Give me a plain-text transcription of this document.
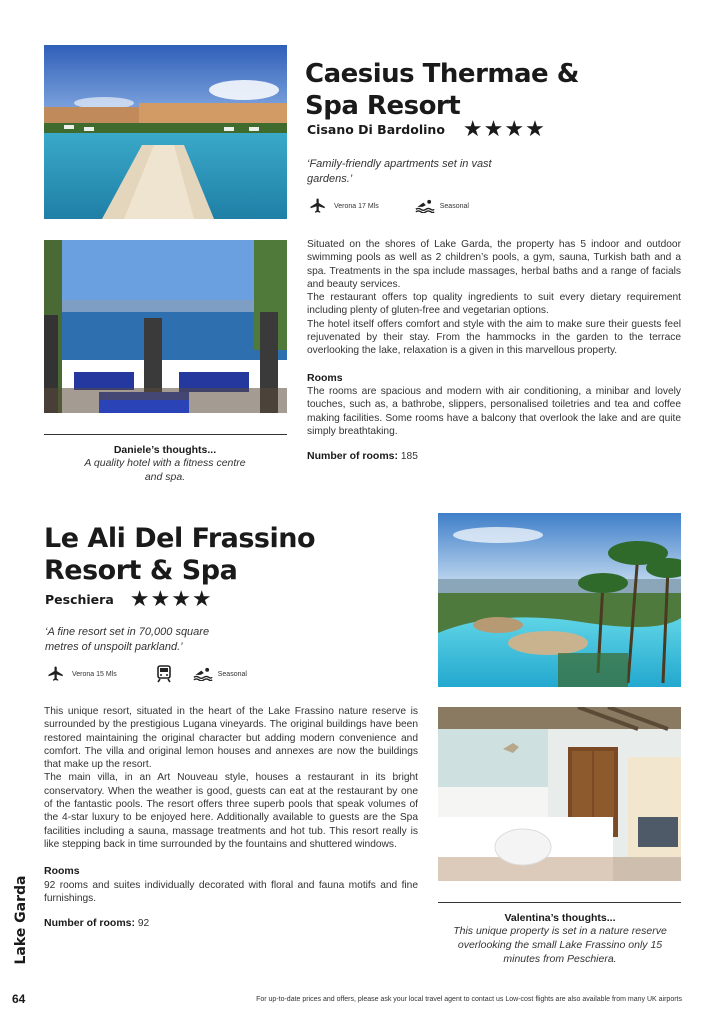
Caesius Thermae &
Spa Resort
Cisano Di Bardolino ★★★★
‘Family-friendly apartments set in vast gardens.’
Verona 17 Mls	Seasonal

Situated on the shores of Lake Garda, the property has 5 indoor and outdoor swimming pools as well as 2 children’s pools, a gym, sauna, Turkish bath and a spa. Treatments in the spa include massages, herbal baths and a range of facials and beauty services.

The restaurant offers top quality ingredients to suit every dietary requirement including plenty of gluten-free and vegetarian options.

The hotel itself offers comfort and style with the aim to make sure their guests feel rejuvenated by their stay. From the hammocks in the garden to the terrace overlooking the lake, relaxation is a given in this marvellous property.

Rooms

The rooms are spacious and modern with air conditioning, a minibar and lovely touches, such as, a bathrobe, slippers, personalised toiletries and tea and coffee making facilities. Some rooms have a balcony that overlook the lake and are quite simply breathtaking.

Number of rooms: 185
Daniele’s thoughts...
A quality hotel with a fitness centre and spa.
Le Ali Del Frassino
Resort & Spa
Peschiera ★★★★
‘A fine resort set in 70,000 square metres of unspoilt parkland.’
Verona 15 Mls	Seasonal

This unique resort, situated in the heart of the Lake Frassino nature reserve is surrounded by the prestigious Lugana vineyards. The original buildings have been restored maintaining the original character but adding modern convenience and comfort. The villa and original lemon houses and annexes are now the buildings that make up the resort.

The main villa, in an Art Nouveau style, houses a restaurant in its bright conservatory. When the weather is good, guests can eat at the restaurant by one of the fantastic pools. The resort offers three superb pools that speak volumes of the 4-star luxury to be enjoyed here. Additionally available to guests are the Spa facilities including a sauna, massage treatments and hot tub. This resort really is like stepping back in time surrounded by the fountains and shuttered windows.

Rooms

92 rooms and suites individually decorated with floral and fauna motifs and fine furnishings.

Number of rooms: 92	Valentina’s thoughts...
This unique property is set in a nature reserve overlooking the small Lake Frassino only 15 minutes from Peschiera.
Lake Garda
64	For up-to-date prices and offers, please ask your local travel agent to contact us Low-cost flights are also available from many UK airports
